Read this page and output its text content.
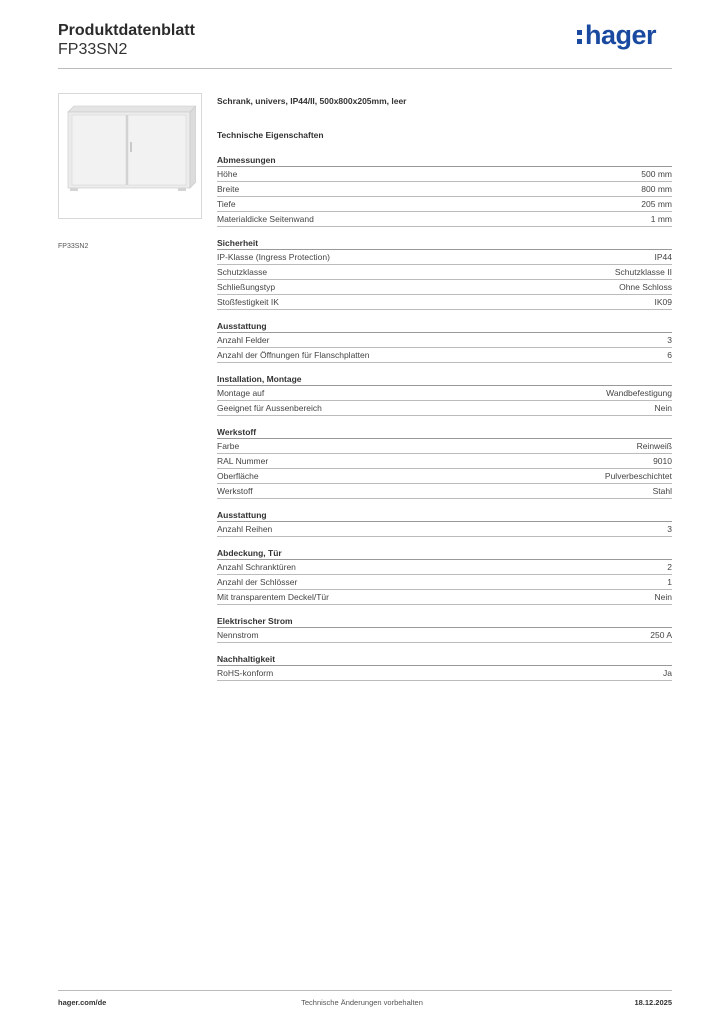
Produktdatenblatt
FP33SN2	hager
FP33SN2
Schrank, univers, IP44/II, 500x800x205mm, leer
Technische Eigenschaften
Abmessungen
Höhe	500 mm
Breite	800 mm
Tiefe	205 mm
Materialdicke Seitenwand	1 mm
Sicherheit
IP-Klasse (Ingress Protection)	IP44
Schutzklasse	Schutzklasse II
Schließungstyp	Ohne Schloss
Stoßfestigkeit IK	IK09
Ausstattung
Anzahl Felder	3
Anzahl der Öffnungen für Flanschplatten	6
Installation, Montage
Montage auf	Wandbefestigung
Geeignet für Aussenbereich	Nein
Werkstoff
Farbe	Reinweiß
RAL Nummer	9010
Oberfläche	Pulverbeschichtet
Werkstoff	Stahl
Ausstattung
Anzahl Reihen	3
Abdeckung, Tür
Anzahl Schranktüren	2
Anzahl der Schlösser	1
Mit transparentem Deckel/Tür	Nein
Elektrischer Strom
Nennstrom	250 A
Nachhaltigkeit
RoHS-konform	Ja
hager.com/de	Technische Änderungen vorbehalten	18.12.2025
